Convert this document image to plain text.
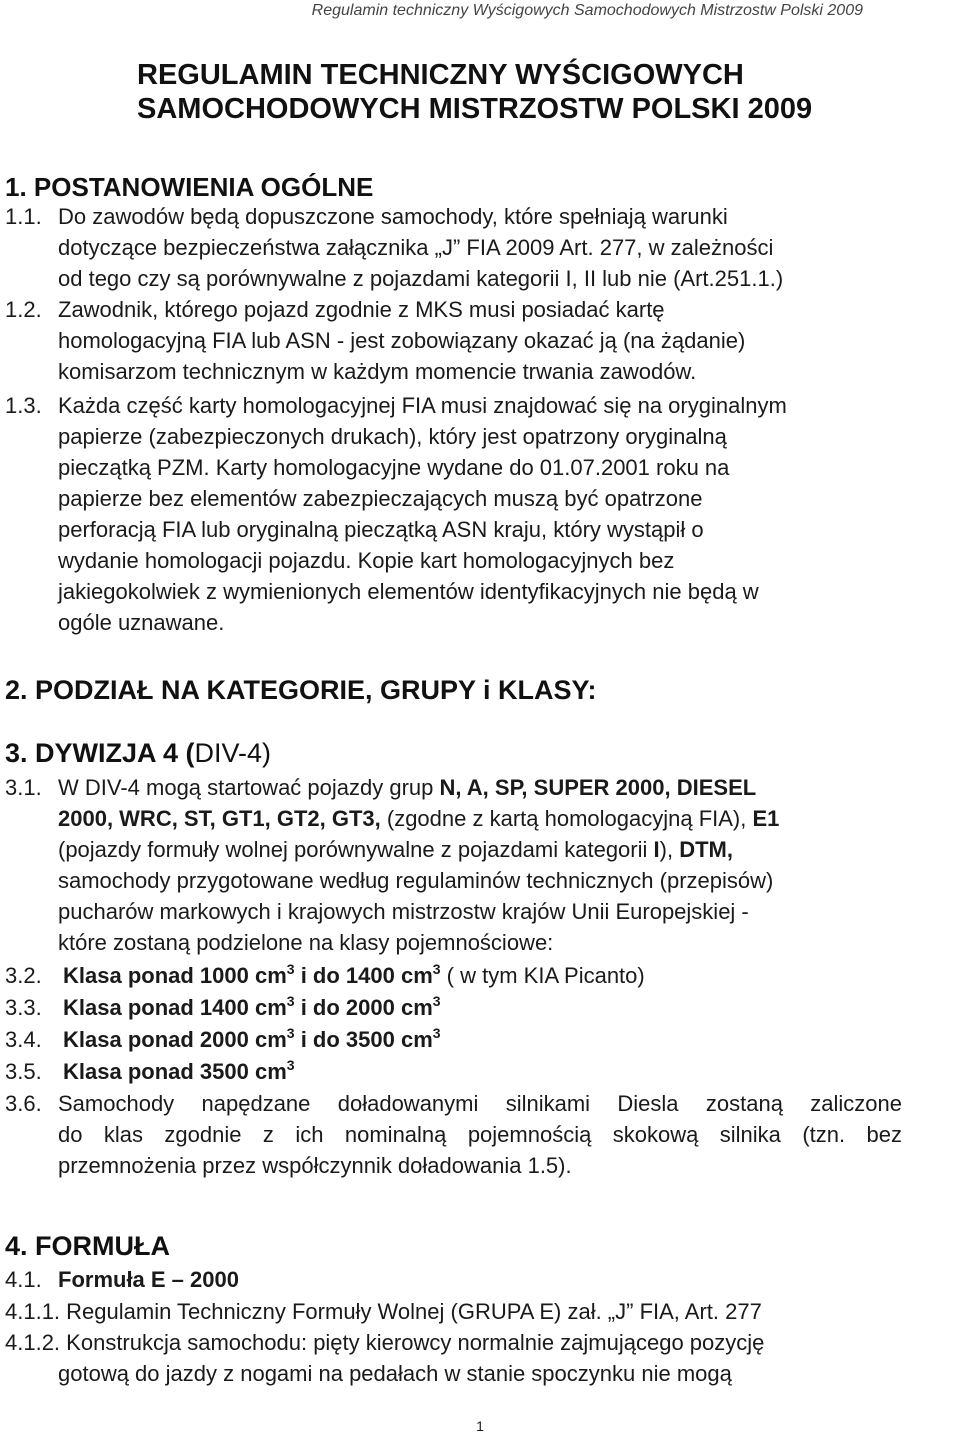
Regulamin techniczny Wyścigowych Samochodowych Mistrzostw Polski 2009
REGULAMIN TECHNICZNY WYŚCIGOWYCH
SAMOCHODOWYCH MISTRZOSTW POLSKI 2009
1. POSTANOWIENIA OGÓLNE
1.1. Do zawodów będą dopuszczone samochody, które spełniają warunki
dotyczące bezpieczeństwa załącznika „J” FIA 2009 Art. 277, w zależności
od tego czy są porównywalne z pojazdami kategorii I, II lub nie (Art.251.1.)
1.2. Zawodnik, którego pojazd zgodnie z MKS musi posiadać kartę
homologacyjną FIA lub ASN - jest zobowiązany okazać ją (na żądanie)
komisarzom technicznym w każdym momencie trwania zawodów.
1.3. Każda część karty homologacyjnej FIA musi znajdować się na oryginalnym
papierze (zabezpieczonych drukach), który jest opatrzony oryginalną
pieczątką PZM. Karty homologacyjne wydane do 01.07.2001 roku na
papierze bez elementów zabezpieczających muszą być opatrzone
perforacją FIA lub oryginalną pieczątką ASN kraju, który wystąpił o
wydanie homologacji pojazdu. Kopie kart homologacyjnych bez
jakiegokolwiek z wymienionych elementów identyfikacyjnych nie będą w
ogóle uznawane.
2. PODZIAŁ NA KATEGORIE, GRUPY i KLASY:
3. DYWIZJA 4 (DIV-4)
3.1. W DIV-4 mogą startować pojazdy grup N, A, SP, SUPER 2000, DIESEL
2000, WRC, ST, GT1, GT2, GT3, (zgodne z kartą homologacyjną FIA), E1
(pojazdy formuły wolnej porównywalne z pojazdami kategorii I), DTM,
samochody przygotowane według regulaminów technicznych (przepisów)
pucharów markowych i krajowych mistrzostw krajów Unii Europejskiej -
które zostaną podzielone na klasy pojemnościowe:
3.2. Klasa ponad 1000 $cm^3$ i do 1400 $cm^3$ ( w tym KIA Picanto)
3.3. Klasa ponad 1400 $cm^3$ i do 2000 $cm^3$
3.4. Klasa ponad 2000 $cm^3$ i do 3500 $cm^3$
3.5. Klasa ponad 3500 $cm^3$
3.6. Samochody napędzane doładowanymi silnikami Diesla zostaną zaliczone
do klas zgodnie z ich nominalną pojemnością skokową silnika (tzn. bez
przemnożenia przez współczynnik doładowania 1.5).
4. FORMUŁA
4.1. Formuła E – 2000
4.1.1. Regulamin Techniczny Formuły Wolnej (GRUPA E) zał. „J” FIA, Art. 277
4.1.2. Konstrukcja samochodu: pięty kierowcy normalnie zajmującego pozycję
gotową do jazdy z nogami na pedałach w stanie spoczynku nie mogą
1
